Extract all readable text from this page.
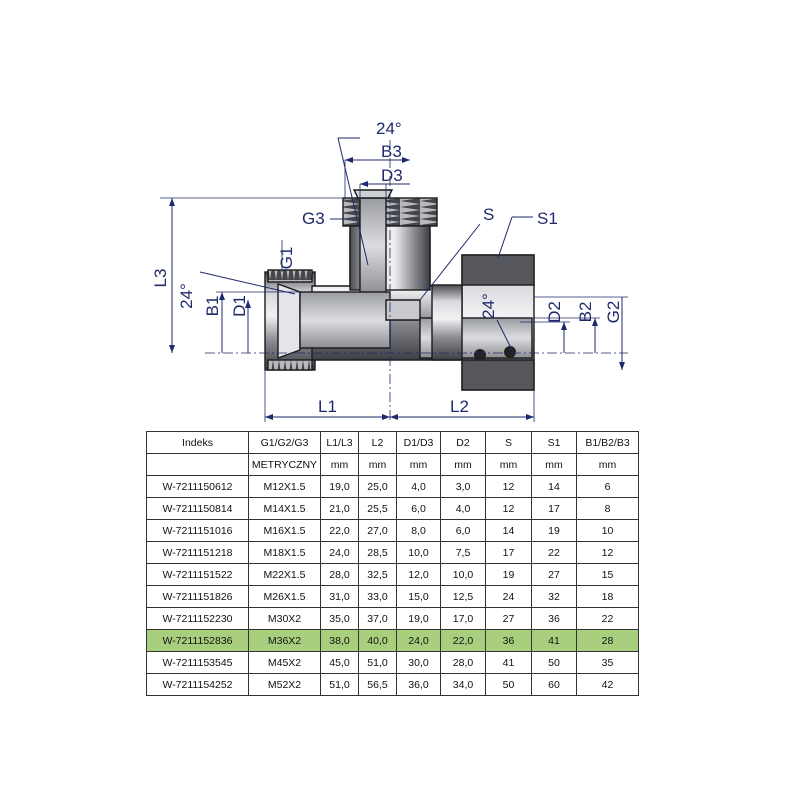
24°
B3
D3
G3	S	S1
L3
G1
24° B1 D1	24°	D2 B2 G2
L1	L2
Indeks	G1/G2/G3	L1/L3	L2	D1/D3	D2	S	S1	B1/B2/B3
	METRYCZNY	mm	mm	mm	mm	mm	mm	mm
W-7211150612	M12X1.5	19,0	25,0	4,0	3,0	12	14	6
W-7211150814	M14X1.5	21,0	25,5	6,0	4,0	12	17	8
W-7211151016	M16X1.5	22,0	27,0	8,0	6,0	14	19	10
W-7211151218	M18X1.5	24,0	28,5	10,0	7,5	17	22	12
W-7211151522	M22X1.5	28,0	32,5	12,0	10,0	19	27	15
W-7211151826	M26X1.5	31,0	33,0	15,0	12,5	24	32	18
W-7211152230	M30X2	35,0	37,0	19,0	17,0	27	36	22
W-7211152836	M36X2	38,0	40,0	24,0	22,0	36	41	28
W-7211153545	M45X2	45,0	51,0	30,0	28,0	41	50	35
W-7211154252	M52X2	51,0	56,5	36,0	34,0	50	60	42
